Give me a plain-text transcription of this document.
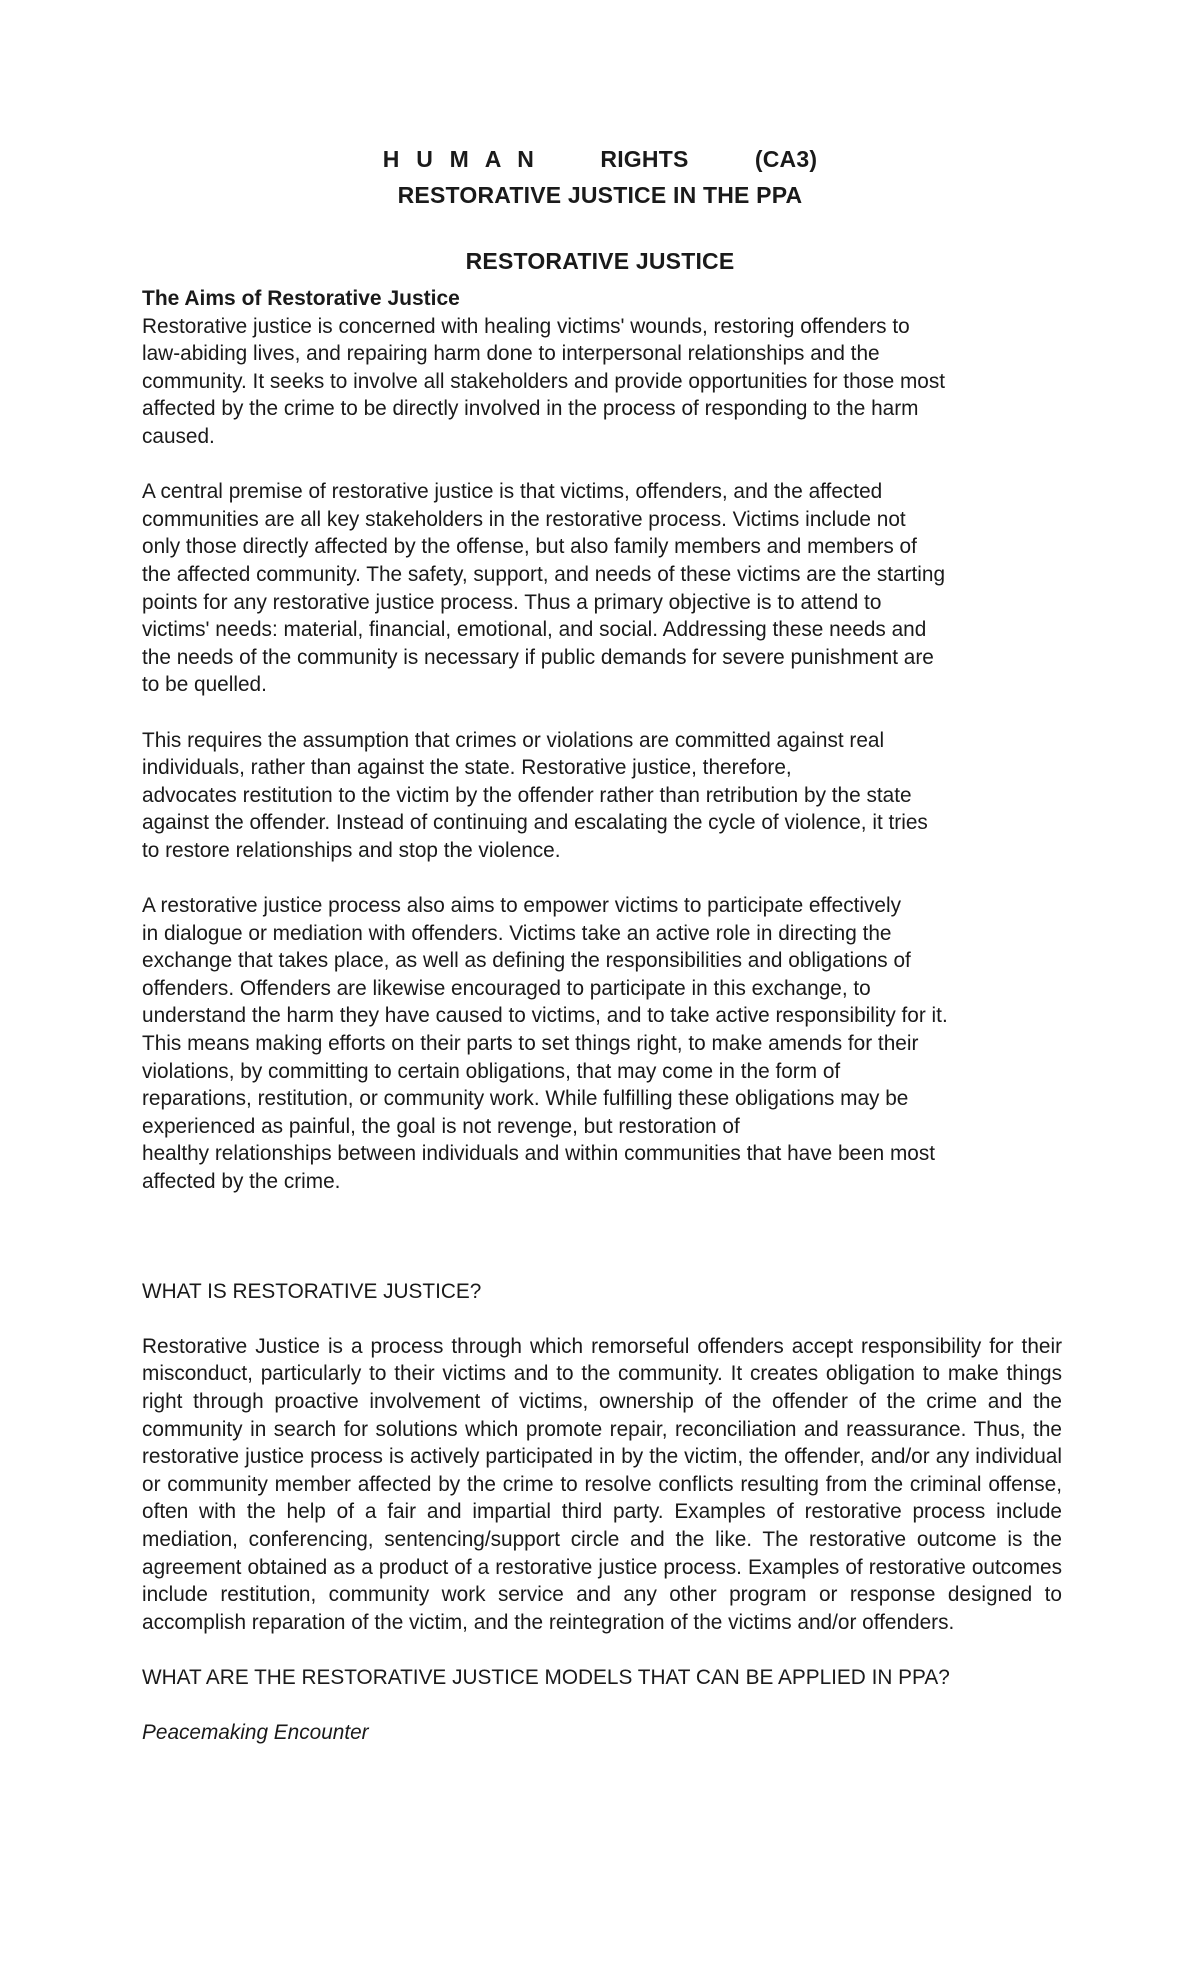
H U M A N    RIGHTS    (CA3)
RESTORATIVE JUSTICE IN THE PPA
RESTORATIVE JUSTICE

The Aims of Restorative Justice

Restorative justice is concerned with healing victims' wounds, restoring offenders to
law-abiding lives, and repairing harm done to interpersonal relationships and the
community. It seeks to involve all stakeholders and provide opportunities for those most
affected by the crime to be directly involved in the process of responding to the harm
caused.

A central premise of restorative justice is that victims, offenders, and the affected
communities are all key stakeholders in the restorative process. Victims include not
only those directly affected by the offense, but also family members and members of
the affected community. The safety, support, and needs of these victims are the starting
points for any restorative justice process. Thus a primary objective is to attend to
victims' needs: material, financial, emotional, and social. Addressing these needs and
the needs of the community is necessary if public demands for severe punishment are
to be quelled.

This requires the assumption that crimes or violations are committed against real
individuals, rather than against the state. Restorative justice, therefore,
advocates restitution to the victim by the offender rather than retribution by the state
against the offender. Instead of continuing and escalating the cycle of violence, it tries
to restore relationships and stop the violence.

A restorative justice process also aims to empower victims to participate effectively
in dialogue or mediation with offenders. Victims take an active role in directing the
exchange that takes place, as well as defining the responsibilities and obligations of
offenders. Offenders are likewise encouraged to participate in this exchange, to
understand the harm they have caused to victims, and to take active responsibility for it.
This means making efforts on their parts to set things right, to make amends for their
violations, by committing to certain obligations, that may come in the form of
reparations, restitution, or community work. While fulfilling these obligations may be
experienced as painful, the goal is not revenge, but restoration of
healthy relationships between individuals and within communities that have been most
affected by the crime.

WHAT IS RESTORATIVE JUSTICE?

Restorative Justice is a process through which remorseful offenders accept responsibility for their misconduct, particularly to their victims and to the community. It creates obligation to make things right through proactive involvement of victims, ownership of the offender of the crime and the community in search for solutions which promote repair, reconciliation and reassurance. Thus, the restorative justice process is actively participated in by the victim, the offender, and/or any individual or community member affected by the crime to resolve conflicts resulting from the criminal offense, often with the help of a fair and impartial third party. Examples of restorative process include mediation, conferencing, sentencing/support circle and the like. The restorative outcome is the agreement obtained as a product of a restorative justice process. Examples of restorative outcomes include restitution, community work service and any other program or response designed to accomplish reparation of the victim, and the reintegration of the victims and/or offenders.

WHAT ARE THE RESTORATIVE JUSTICE MODELS THAT CAN BE APPLIED IN PPA?

Peacemaking Encounter
